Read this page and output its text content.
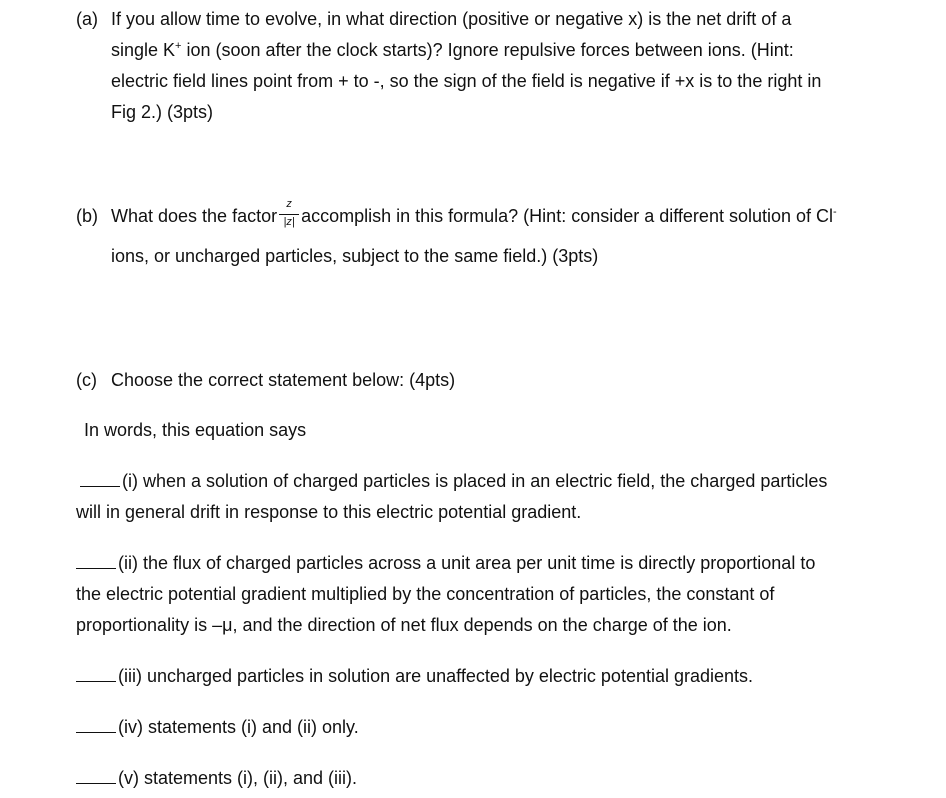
(a) If you allow time to evolve, in what direction (positive or negative x) is the net drift of a
single K+ ion (soon after the clock starts)? Ignore repulsive forces between ions. (Hint:
electric field lines point from + to -, so the sign of the field is negative if +x is to the right in
Fig 2.) (3pts)
(b) What does the factor $\frac{z}{|z|}$ accomplish in this formula? (Hint: consider a different solution of Cl-
ions, or uncharged particles, subject to the same field.) (3pts)
(c) Choose the correct statement below: (4pts)
In words, this equation says
(i) when a solution of charged particles is placed in an electric field, the charged particles
will in general drift in response to this electric potential gradient.
(ii) the flux of charged particles across a unit area per unit time is directly proportional to
the electric potential gradient multiplied by the concentration of particles, the constant of
proportionality is –μ, and the direction of net flux depends on the charge of the ion.
(iii) uncharged particles in solution are unaffected by electric potential gradients.
(iv) statements (i) and (ii) only.
(v) statements (i), (ii), and (iii).
